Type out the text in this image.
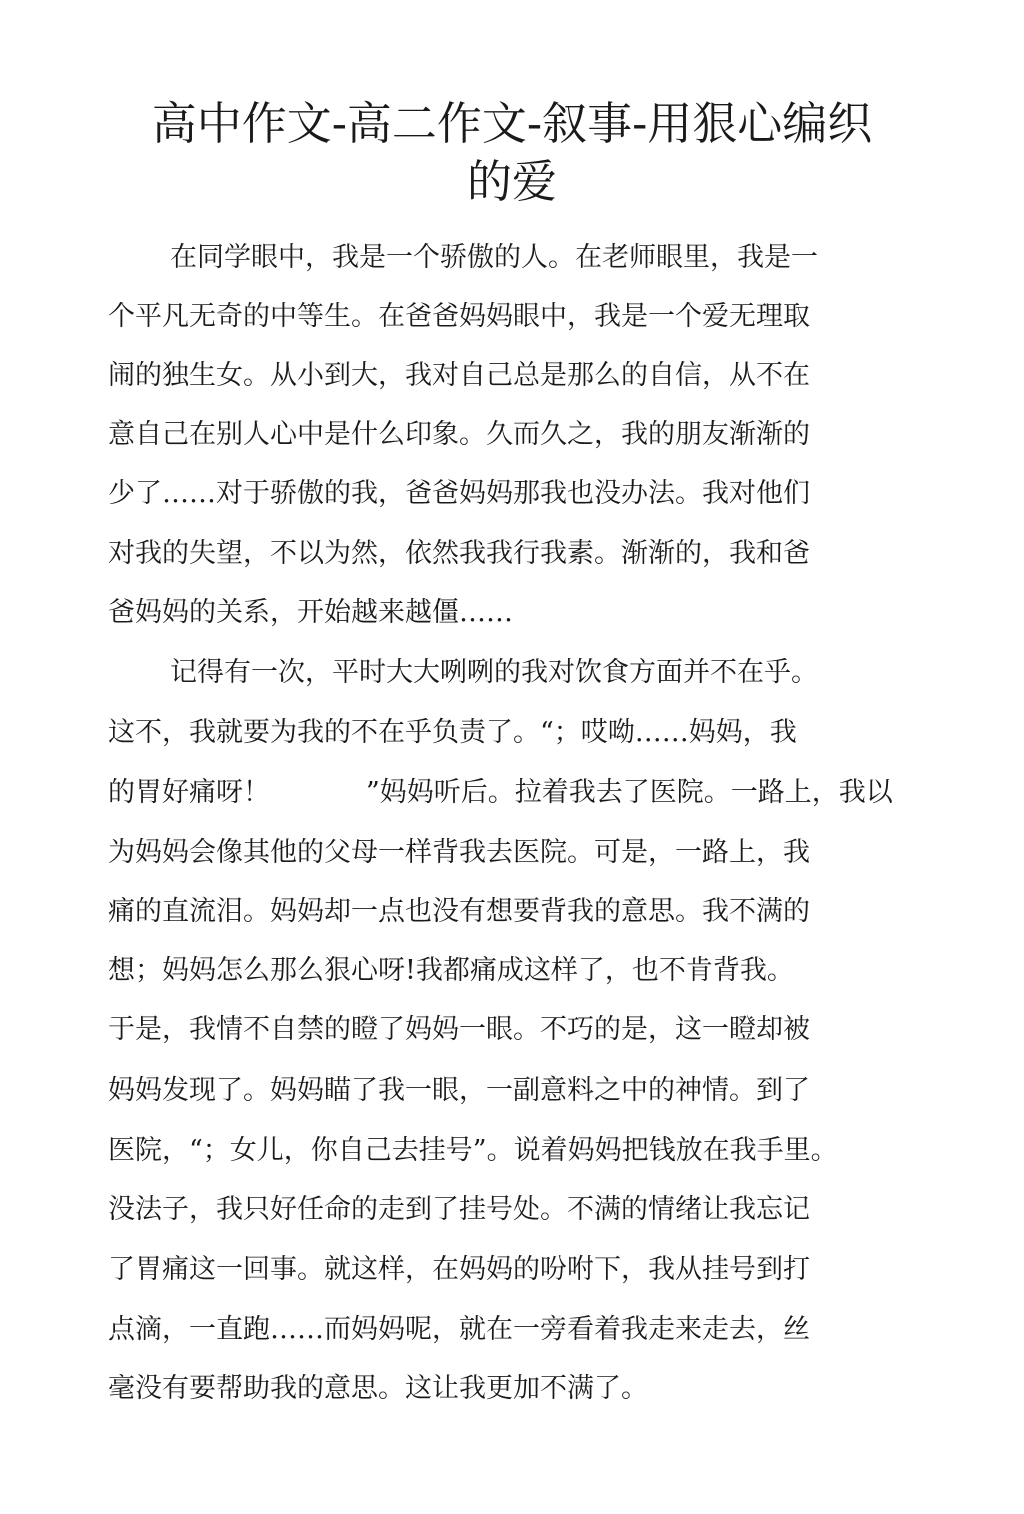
高中作文-高二作文-叙事-用狠心编织
的爱

在同学眼中，我是一个骄傲的人。在老师眼里，我是一

个平凡无奇的中等生。在爸爸妈妈眼中，我是一个爱无理取

闹的独生女。从小到大，我对自己总是那么的自信，从不在

意自己在别人心中是什么印象。久而久之，我的朋友渐渐的

少了……对于骄傲的我，爸爸妈妈那我也没办法。我对他们

对我的失望，不以为然，依然我我行我素。渐渐的，我和爸

爸妈妈的关系，开始越来越僵……

记得有一次，平时大大咧咧的我对饮食方面并不在乎。

这不，我就要为我的不在乎负责了。“；哎呦……妈妈，我

的胃好痛呀！	”妈妈听后。拉着我去了医院。一路上，我以

为妈妈会像其他的父母一样背我去医院。可是，一路上，我

痛的直流泪。妈妈却一点也没有想要背我的意思。我不满的

想；妈妈怎么那么狠心呀!我都痛成这样了，也不肯背我。

于是，我情不自禁的瞪了妈妈一眼。不巧的是，这一瞪却被

妈妈发现了。妈妈瞄了我一眼，一副意料之中的神情。到了

医院，“；女儿，你自己去挂号”。说着妈妈把钱放在我手里。

没法子，我只好任命的走到了挂号处。不满的情绪让我忘记

了胃痛这一回事。就这样，在妈妈的吩咐下，我从挂号到打

点滴，一直跑……而妈妈呢，就在一旁看着我走来走去，丝

毫没有要帮助我的意思。这让我更加不满了。
